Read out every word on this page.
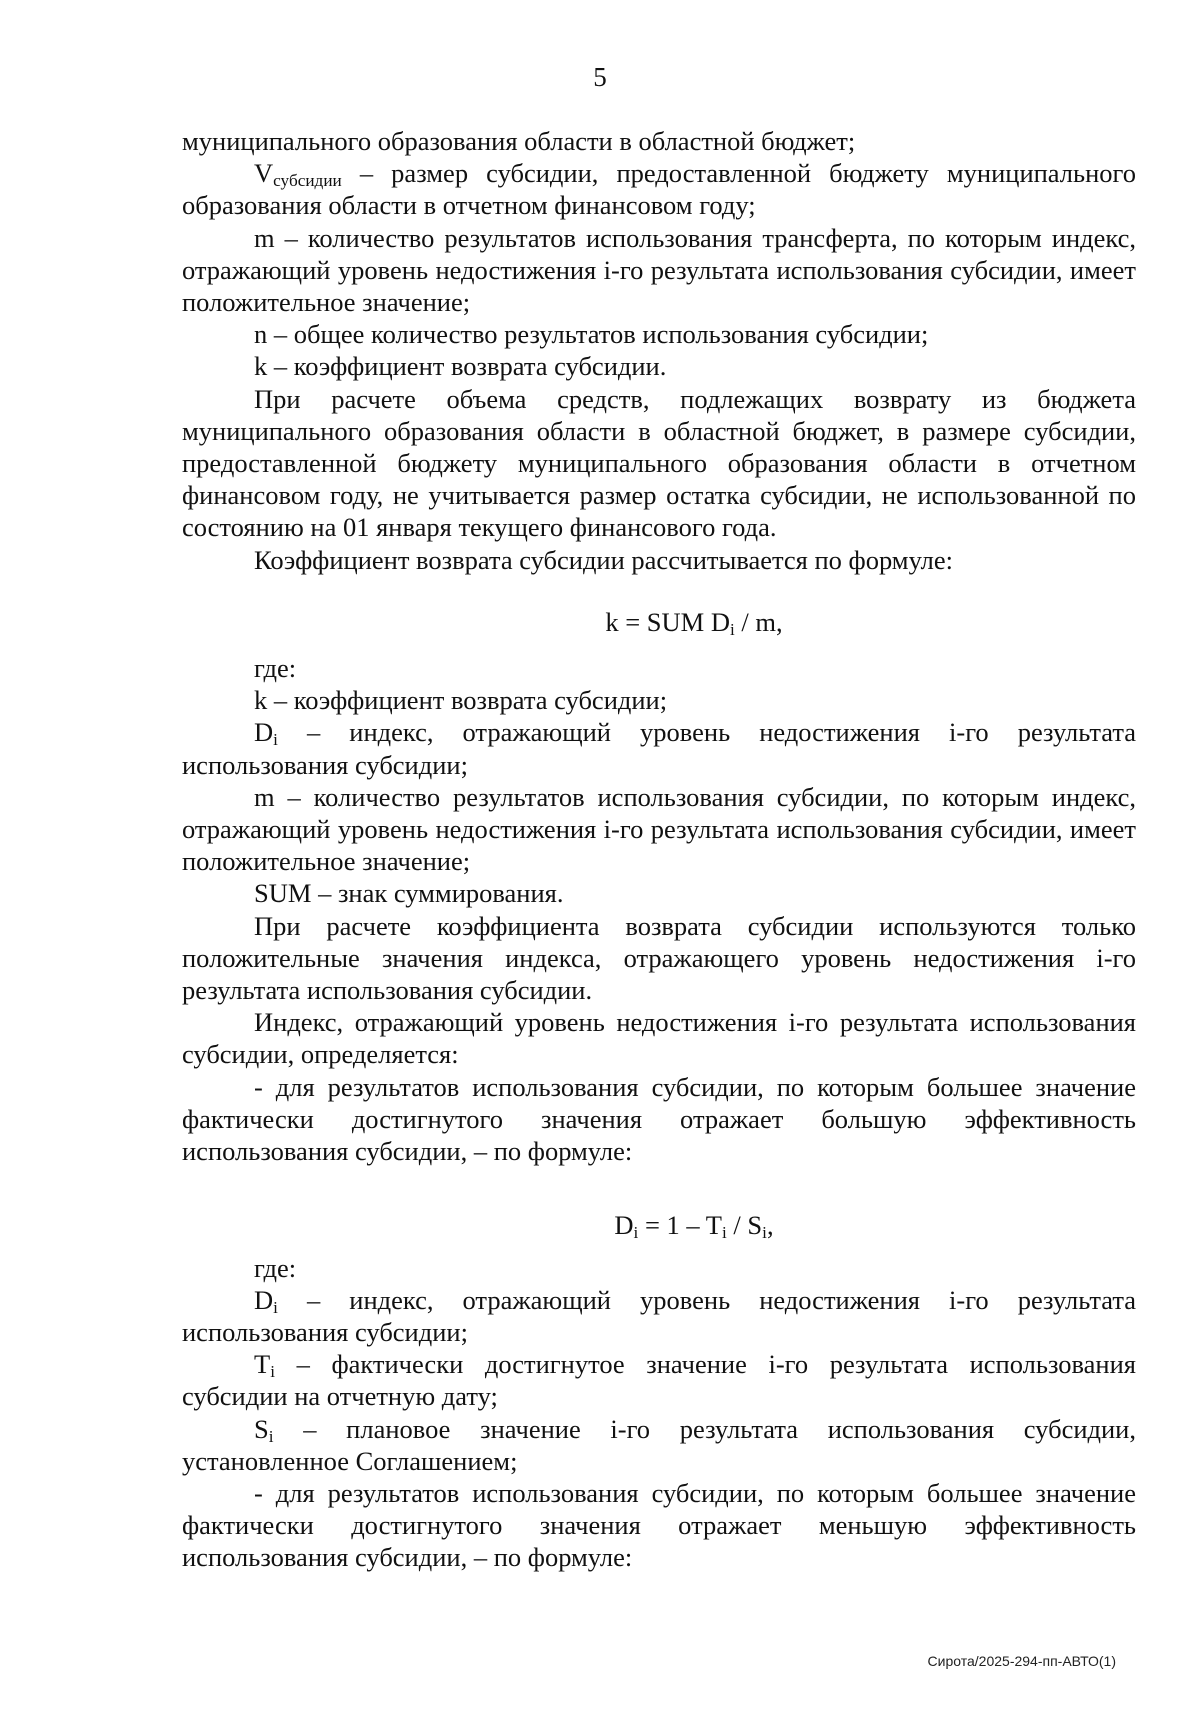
5

муниципального образования области в областной бюджет;

$V_{субсидии}$ – размер субсидии, предоставленной бюджету муниципального образования области в отчетном финансовом году;

m – количество результатов использования трансферта, по которым индекс, отражающий уровень недостижения i-го результата использования субсидии, имеет положительное значение;

n – общее количество результатов использования субсидии;

k – коэффициент возврата субсидии.

При расчете объема средств, подлежащих возврату из бюджета муниципального образования области в областной бюджет, в размере субсидии, предоставленной бюджету муниципального образования области в отчетном финансовом году, не учитывается размер остатка субсидии, не использованной по состоянию на 01 января текущего финансового года.

Коэффициент возврата субсидии рассчитывается по формуле:

k = SUM $D_i$ / m,

где:

k – коэффициент возврата субсидии;

$D_i$ – индекс, отражающий уровень недостижения i-го результата использования субсидии;

m – количество результатов использования субсидии, по которым индекс, отражающий уровень недостижения i-го результата использования субсидии, имеет положительное значение;

SUM – знак суммирования.

При расчете коэффициента возврата субсидии используются только положительные значения индекса, отражающего уровень недостижения i-го результата использования субсидии.

Индекс, отражающий уровень недостижения i-го результата использования субсидии, определяется:

- для результатов использования субсидии, по которым большее значение фактически достигнутого значения отражает большую эффективность использования субсидии, – по формуле:

$D_i = 1 - T_i / S_i$,

где:

$D_i$ – индекс, отражающий уровень недостижения i-го результата использования субсидии;

$T_i$ – фактически достигнутое значение i-го результата использования субсидии на отчетную дату;

$S_i$ – плановое значение i-го результата использования субсидии, установленное Соглашением;

- для результатов использования субсидии, по которым большее значение фактически достигнутого значения отражает меньшую эффективность использования субсидии, – по формуле:

Сирота/2025-294-пп-АВТО(1)
